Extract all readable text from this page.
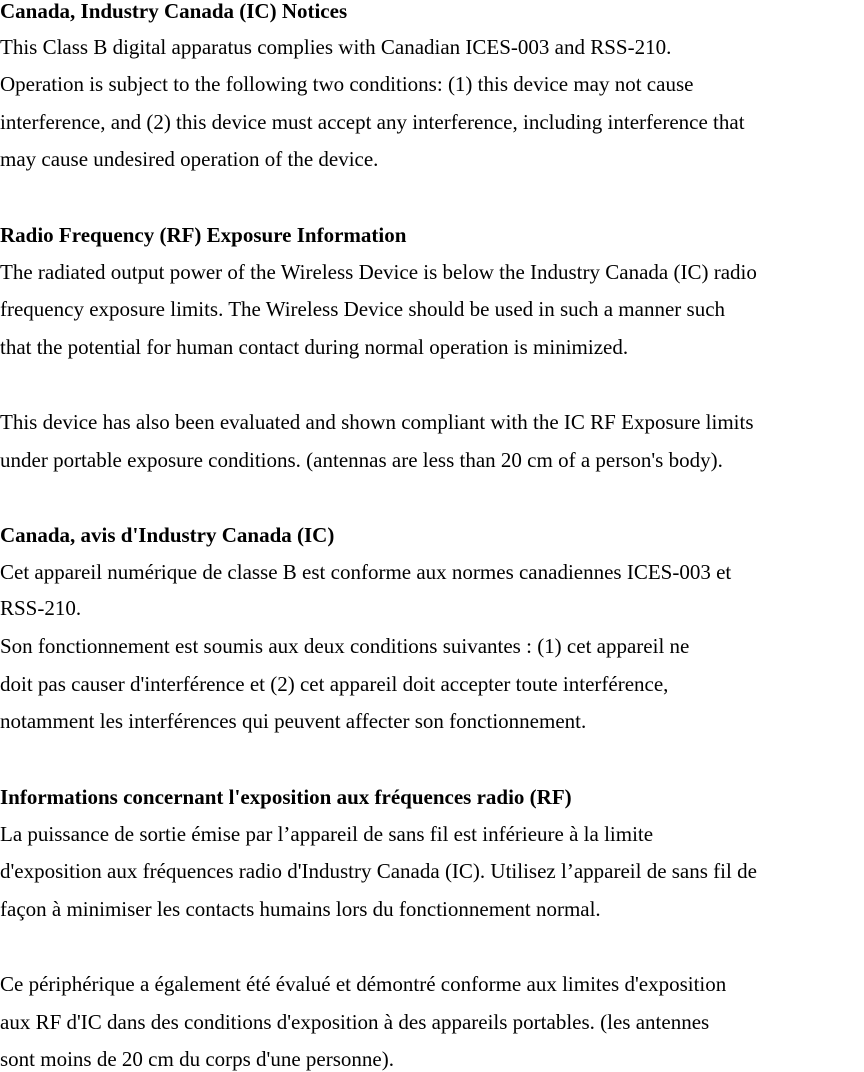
Canada, Industry Canada (IC) Notices
This Class B digital apparatus complies with Canadian ICES-003 and RSS-210.
Operation is subject to the following two conditions: (1) this device may not cause
interference, and (2) this device must accept any interference, including interference that
may cause undesired operation of the device.
Radio Frequency (RF) Exposure Information
The radiated output power of the Wireless Device is below the Industry Canada (IC) radio
frequency exposure limits. The Wireless Device should be used in such a manner such
that the potential for human contact during normal operation is minimized.
This device has also been evaluated and shown compliant with the IC RF Exposure limits
under portable exposure conditions. (antennas are less than 20 cm of a person's body).
Canada, avis d'Industry Canada (IC)
Cet appareil numérique de classe B est conforme aux normes canadiennes ICES-003 et
RSS-210.
Son fonctionnement est soumis aux deux conditions suivantes : (1) cet appareil ne
doit pas causer d'interférence et (2) cet appareil doit accepter toute interférence,
notamment les interférences qui peuvent affecter son fonctionnement.
Informations concernant l'exposition aux fréquences radio (RF)
La puissance de sortie émise par l’appareil de sans fil est inférieure à la limite
d'exposition aux fréquences radio d'Industry Canada (IC). Utilisez l’appareil de sans fil de
façon à minimiser les contacts humains lors du fonctionnement normal.
Ce périphérique a également été évalué et démontré conforme aux limites d'exposition
aux RF d'IC dans des conditions d'exposition à des appareils portables. (les antennes
sont moins de 20 cm du corps d'une personne).
